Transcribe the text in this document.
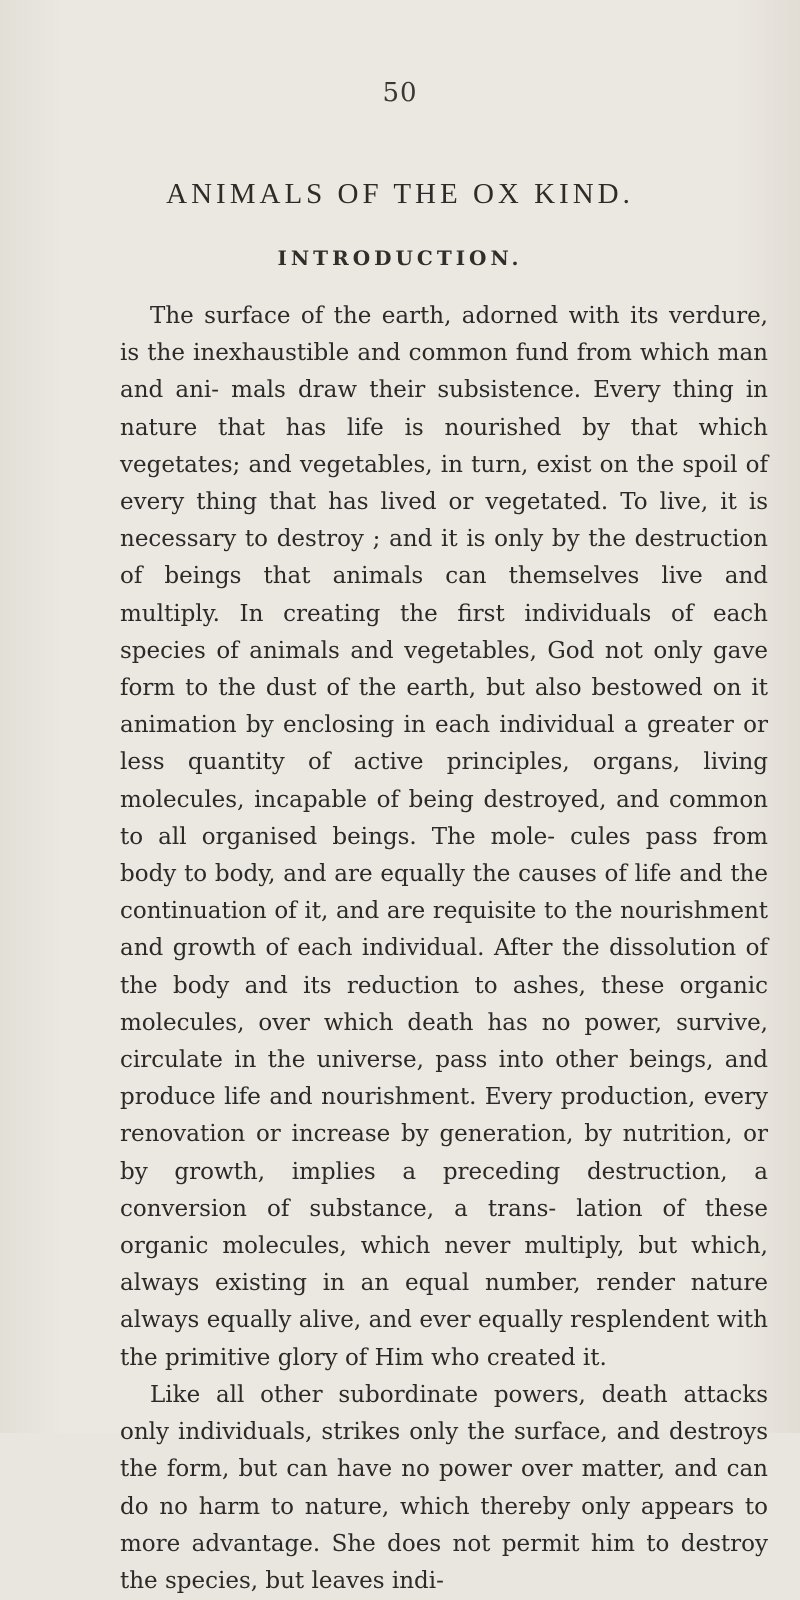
50
ANIMALS OF THE OX KIND.
INTRODUCTION.

The surface of the earth, adorned with its verdure, is the inexhaustible and common fund from which man and ani- mals draw their subsistence. Every thing in nature that has life is nourished by that which vegetates; and vegetables, in turn, exist on the spoil of every thing that has lived or vegetated. To live, it is necessary to destroy ; and it is only by the destruction of beings that animals can themselves live and multiply. In creating the first individuals of each species of animals and vegetables, God not only gave form to the dust of the earth, but also bestowed on it animation by enclosing in each individual a greater or less quantity of active principles, organs, living molecules, incapable of being destroyed, and common to all organised beings. The mole- cules pass from body to body, and are equally the causes of life and the continuation of it, and are requisite to the nourishment and growth of each individual. After the dissolution of the body and its reduction to ashes, these organic molecules, over which death has no power, survive, circulate in the universe, pass into other beings, and produce life and nourishment. Every production, every renovation or increase by generation, by nutrition, or by growth, implies a preceding destruction, a conversion of substance, a trans- lation of these organic molecules, which never multiply, but which, always existing in an equal number, render nature always equally alive, and ever equally resplendent with the primitive glory of Him who created it.

Like all other subordinate powers, death attacks only individuals, strikes only the surface, and destroys the form, but can have no power over matter, and can do no harm to nature, which thereby only appears to more advantage. She does not permit him to destroy the species, but leaves indi-
